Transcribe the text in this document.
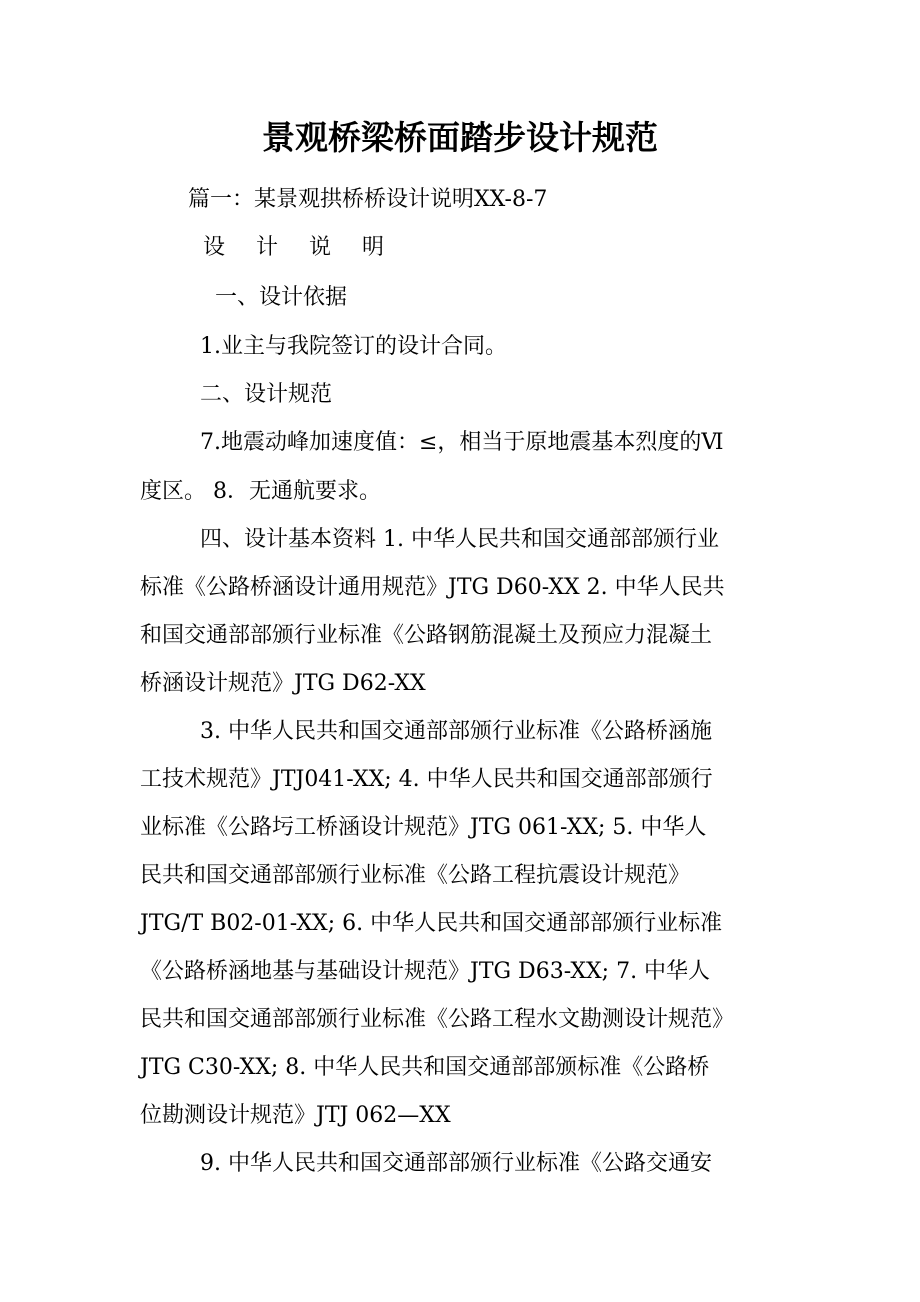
景观桥梁桥面踏步设计规范
篇一：某景观拱桥桥设计说明XX-8-7
设 计 说 明
一、设计依据
1.业主与我院签订的设计合同。
二、设计规范
7.地震动峰加速度值：≤，相当于原地震基本烈度的Ⅵ
度区。 8．无通航要求。
四、设计基本资料 1. 中华人民共和国交通部部颁行业
标准《公路桥涵设计通用规范》JTG D60-XX 2. 中华人民共
和国交通部部颁行业标准《公路钢筋混凝土及预应力混凝土
桥涵设计规范》JTG D62-XX
3. 中华人民共和国交通部部颁行业标准《公路桥涵施
工技术规范》JTJ041-XX; 4. 中华人民共和国交通部部颁行
业标准《公路圬工桥涵设计规范》JTG 061-XX; 5. 中华人
民共和国交通部部颁行业标准《公路工程抗震设计规范》
JTG/T B02-01-XX; 6. 中华人民共和国交通部部颁行业标准
《公路桥涵地基与基础设计规范》JTG D63-XX; 7. 中华人
民共和国交通部部颁行业标准《公路工程水文勘测设计规范》
JTG C30-XX; 8. 中华人民共和国交通部部颁标准《公路桥
位勘测设计规范》JTJ 062—XX
9. 中华人民共和国交通部部颁行业标准《公路交通安
